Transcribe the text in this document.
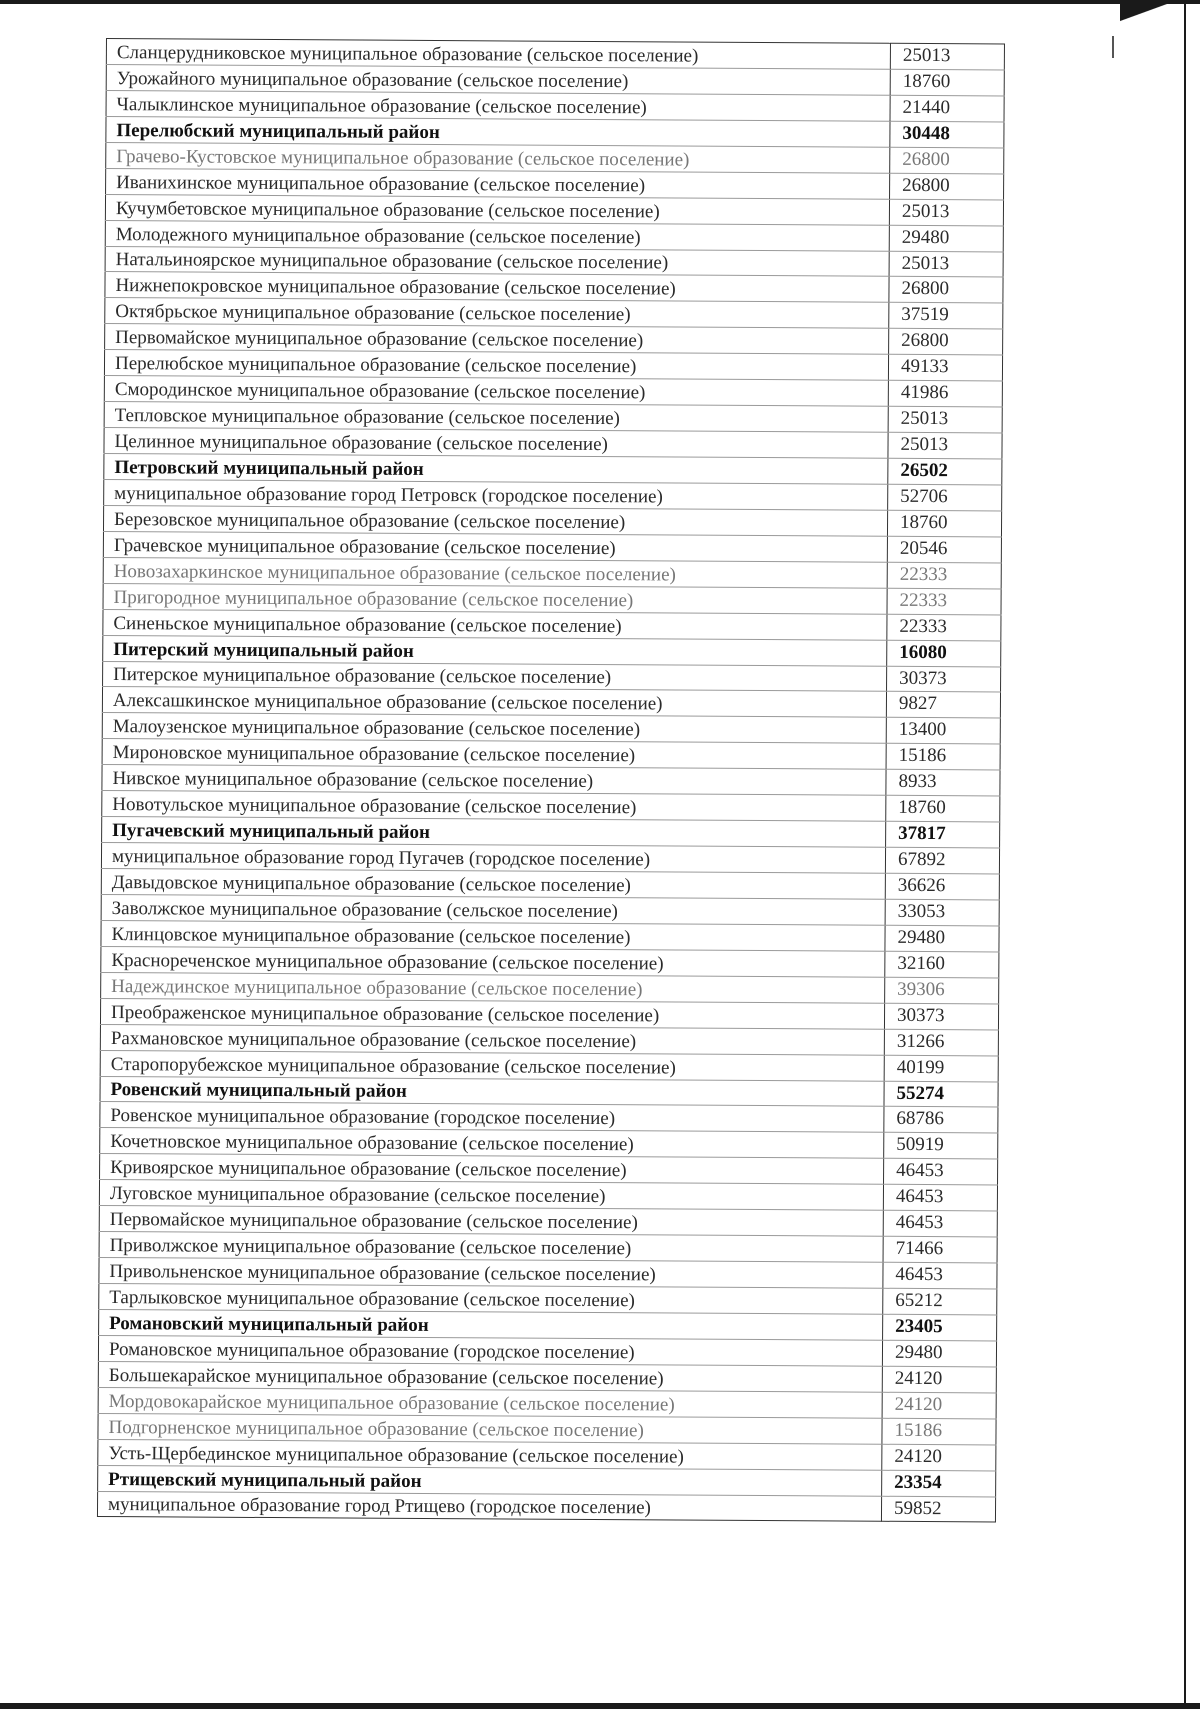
Сланцерудниковское муниципальное образование (сельское поселение)	25013
Урожайного муниципальное образование (сельское поселение)	18760
Чалыклинское муниципальное образование (сельское поселение)	21440
Перелюбский муниципальный район	30448
Грачево-Кустовское муниципальное образование (сельское поселение)	26800
Иванихинское муниципальное образование (сельское поселение)	26800
Кучумбетовское муниципальное образование (сельское поселение)	25013
Молодежного муниципальное образование (сельское поселение)	29480
Натальиноярское муниципальное образование (сельское поселение)	25013
Нижнепокровское муниципальное образование (сельское поселение)	26800
Октябрьское муниципальное образование (сельское поселение)	37519
Первомайское муниципальное образование (сельское поселение)	26800
Перелюбское муниципальное образование (сельское поселение)	49133
Смородинское муниципальное образование (сельское поселение)	41986
Тепловское муниципальное образование (сельское поселение)	25013
Целинное муниципальное образование (сельское поселение)	25013
Петровский муниципальный район	26502
муниципальное образование город Петровск (городское поселение)	52706
Березовское муниципальное образование (сельское поселение)	18760
Грачевское муниципальное образование (сельское поселение)	20546
Новозахаркинское муниципальное образование (сельское поселение)	22333
Пригородное муниципальное образование (сельское поселение)	22333
Синеньское муниципальное образование (сельское поселение)	22333
Питерский муниципальный район	16080
Питерское муниципальное образование (сельское поселение)	30373
Алексашкинское муниципальное образование (сельское поселение)	9827
Малоузенское муниципальное образование (сельское поселение)	13400
Мироновское муниципальное образование (сельское поселение)	15186
Нивское муниципальное образование (сельское поселение)	8933
Новотульское муниципальное образование (сельское поселение)	18760
Пугачевский муниципальный район	37817
муниципальное образование город Пугачев (городское поселение)	67892
Давыдовское муниципальное образование (сельское поселение)	36626
Заволжское муниципальное образование (сельское поселение)	33053
Клинцовское муниципальное образование (сельское поселение)	29480
Краснореченское муниципальное образование (сельское поселение)	32160
Надеждинское муниципальное образование (сельское поселение)	39306
Преображенское муниципальное образование (сельское поселение)	30373
Рахмановское муниципальное образование (сельское поселение)	31266
Старопорубежское муниципальное образование (сельское поселение)	40199
Ровенский муниципальный район	55274
Ровенское муниципальное образование (городское поселение)	68786
Кочетновское муниципальное образование (сельское поселение)	50919
Кривоярское муниципальное образование (сельское поселение)	46453
Луговское муниципальное образование (сельское поселение)	46453
Первомайское муниципальное образование (сельское поселение)	46453
Приволжское муниципальное образование (сельское поселение)	71466
Привольненское муниципальное образование (сельское поселение)	46453
Тарлыковское муниципальное образование (сельское поселение)	65212
Романовский муниципальный район	23405
Романовское муниципальное образование (городское поселение)	29480
Большекарайское муниципальное образование (сельское поселение)	24120
Мордовокарайское муниципальное образование (сельское поселение)	24120
Подгорненское муниципальное образование (сельское поселение)	15186
Усть-Щербединское муниципальное образование (сельское поселение)	24120
Ртищевский муниципальный район	23354
муниципальное образование город Ртищево (городское поселение)	59852
